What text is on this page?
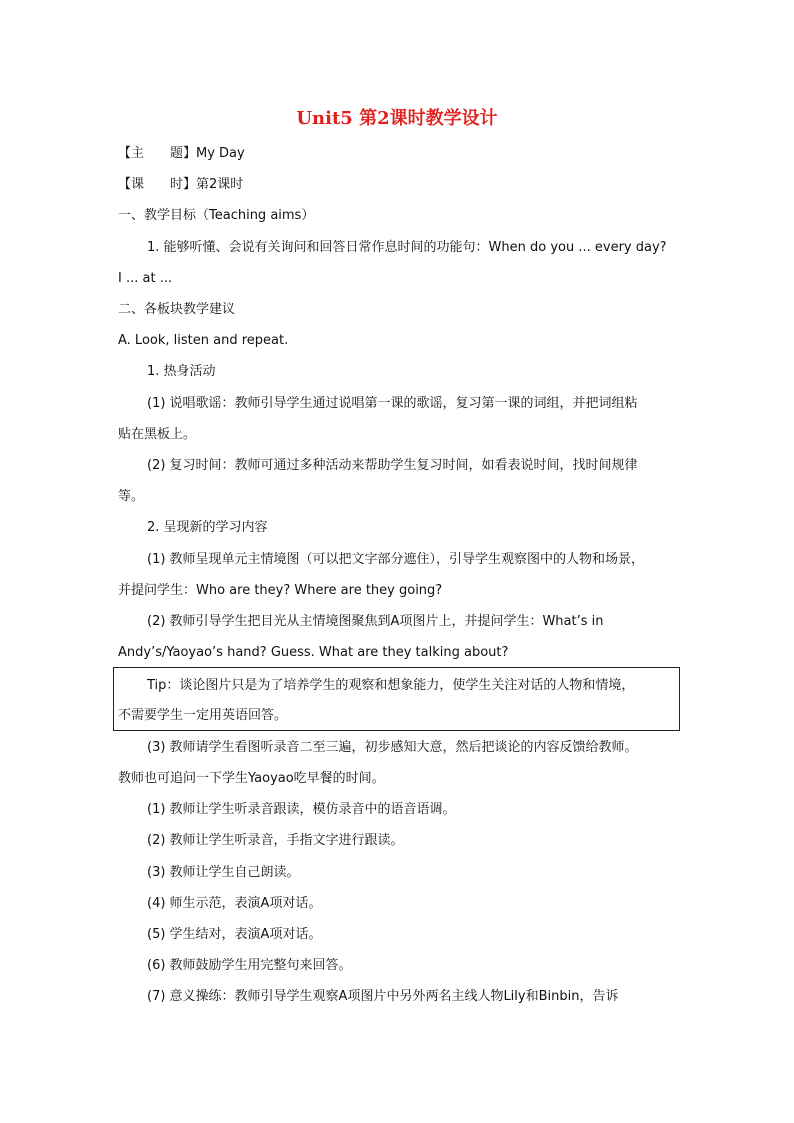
Unit5 第2课时教学设计
【主　　题】My Day
【课　　时】第2课时
一、教学目标（Teaching aims）
1. 能够听懂、会说有关询问和回答日常作息时间的功能句：When do you ... every day?
I ... at ...
二、各板块教学建议
A. Look, listen and repeat.
1. 热身活动
(1) 说唱歌谣：教师引导学生通过说唱第一课的歌谣，复习第一课的词组，并把词组粘
贴在黑板上。
(2) 复习时间：教师可通过多种活动来帮助学生复习时间，如看表说时间，找时间规律
等。
2. 呈现新的学习内容
(1) 教师呈现单元主情境图（可以把文字部分遮住），引导学生观察图中的人物和场景，
并提问学生：Who are they? Where are they going?
(2) 教师引导学生把目光从主情境图聚焦到A项图片上，并提问学生：What’s in
Andy’s/Yaoyao’s hand? Guess. What are they talking about?
Tip：谈论图片只是为了培养学生的观察和想象能力，使学生关注对话的人物和情境，
不需要学生一定用英语回答。
(3) 教师请学生看图听录音二至三遍，初步感知大意，然后把谈论的内容反馈给教师。
教师也可追问一下学生Yaoyao吃早餐的时间。
(1) 教师让学生听录音跟读，模仿录音中的语音语调。
(2) 教师让学生听录音，手指文字进行跟读。
(3) 教师让学生自己朗读。
(4) 师生示范，表演A项对话。
(5) 学生结对，表演A项对话。
(6) 教师鼓励学生用完整句来回答。
(7) 意义操练：教师引导学生观察A项图片中另外两名主线人物Lily和Binbin，告诉
